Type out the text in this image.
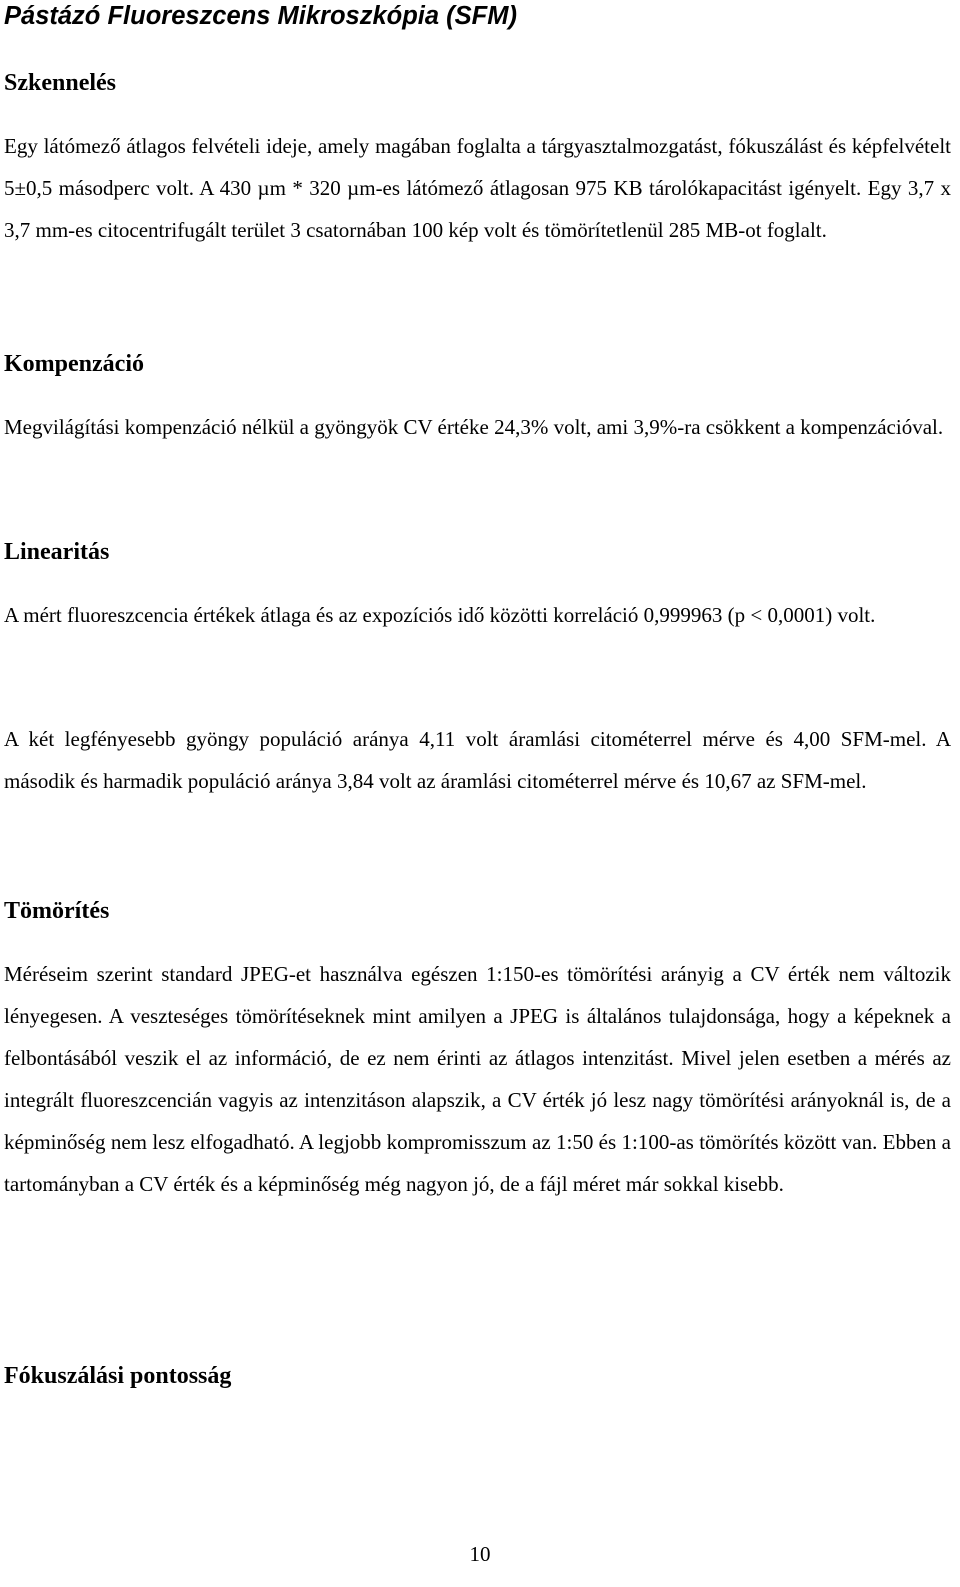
Pástázó Fluoreszcens Mikroszkópia (SFM)
Szkennelés

Egy látómező átlagos felvételi ideje, amely magában foglalta a tárgyasztalmozgatást, fókuszálást és képfelvételt 5±0,5 másodperc volt. A 430 µm * 320 µm-es látómező átlagosan 975 KB tárolókapacitást igényelt. Egy 3,7 x 3,7 mm-es citocentrifugált terület 3 csatornában 100 kép volt és tömörítetlenül 285 MB-ot foglalt.

Kompenzáció

Megvilágítási kompenzáció nélkül a gyöngyök CV értéke 24,3% volt, ami 3,9%-ra csökkent a kompenzációval.

Linearitás

A mért fluoreszcencia értékek átlaga és az expozíciós idő közötti korreláció 0,999963 (p < 0,0001) volt.

A két legfényesebb gyöngy populáció aránya 4,11 volt áramlási citométerrel mérve és 4,00 SFM-mel. A második és harmadik populáció aránya 3,84 volt az áramlási citométerrel mérve és 10,67 az SFM-mel.

Tömörítés

Méréseim szerint standard JPEG-et használva egészen 1:150-es tömörítési arányig a CV érték nem változik lényegesen. A veszteséges tömörítéseknek mint amilyen a JPEG is általános tulajdonsága, hogy a képeknek a felbontásából veszik el az információ, de ez nem érinti az átlagos intenzitást. Mivel jelen esetben a mérés az integrált fluoreszcencián vagyis az intenzitáson alapszik, a CV érték jó lesz nagy tömörítési arányoknál is, de a képminőség nem lesz elfogadható. A legjobb kompromisszum az 1:50 és 1:100-as tömörítés között van. Ebben a tartományban a CV érték és a képminőség még nagyon jó, de a fájl méret már sokkal kisebb.

Fókuszálási pontosság
10
